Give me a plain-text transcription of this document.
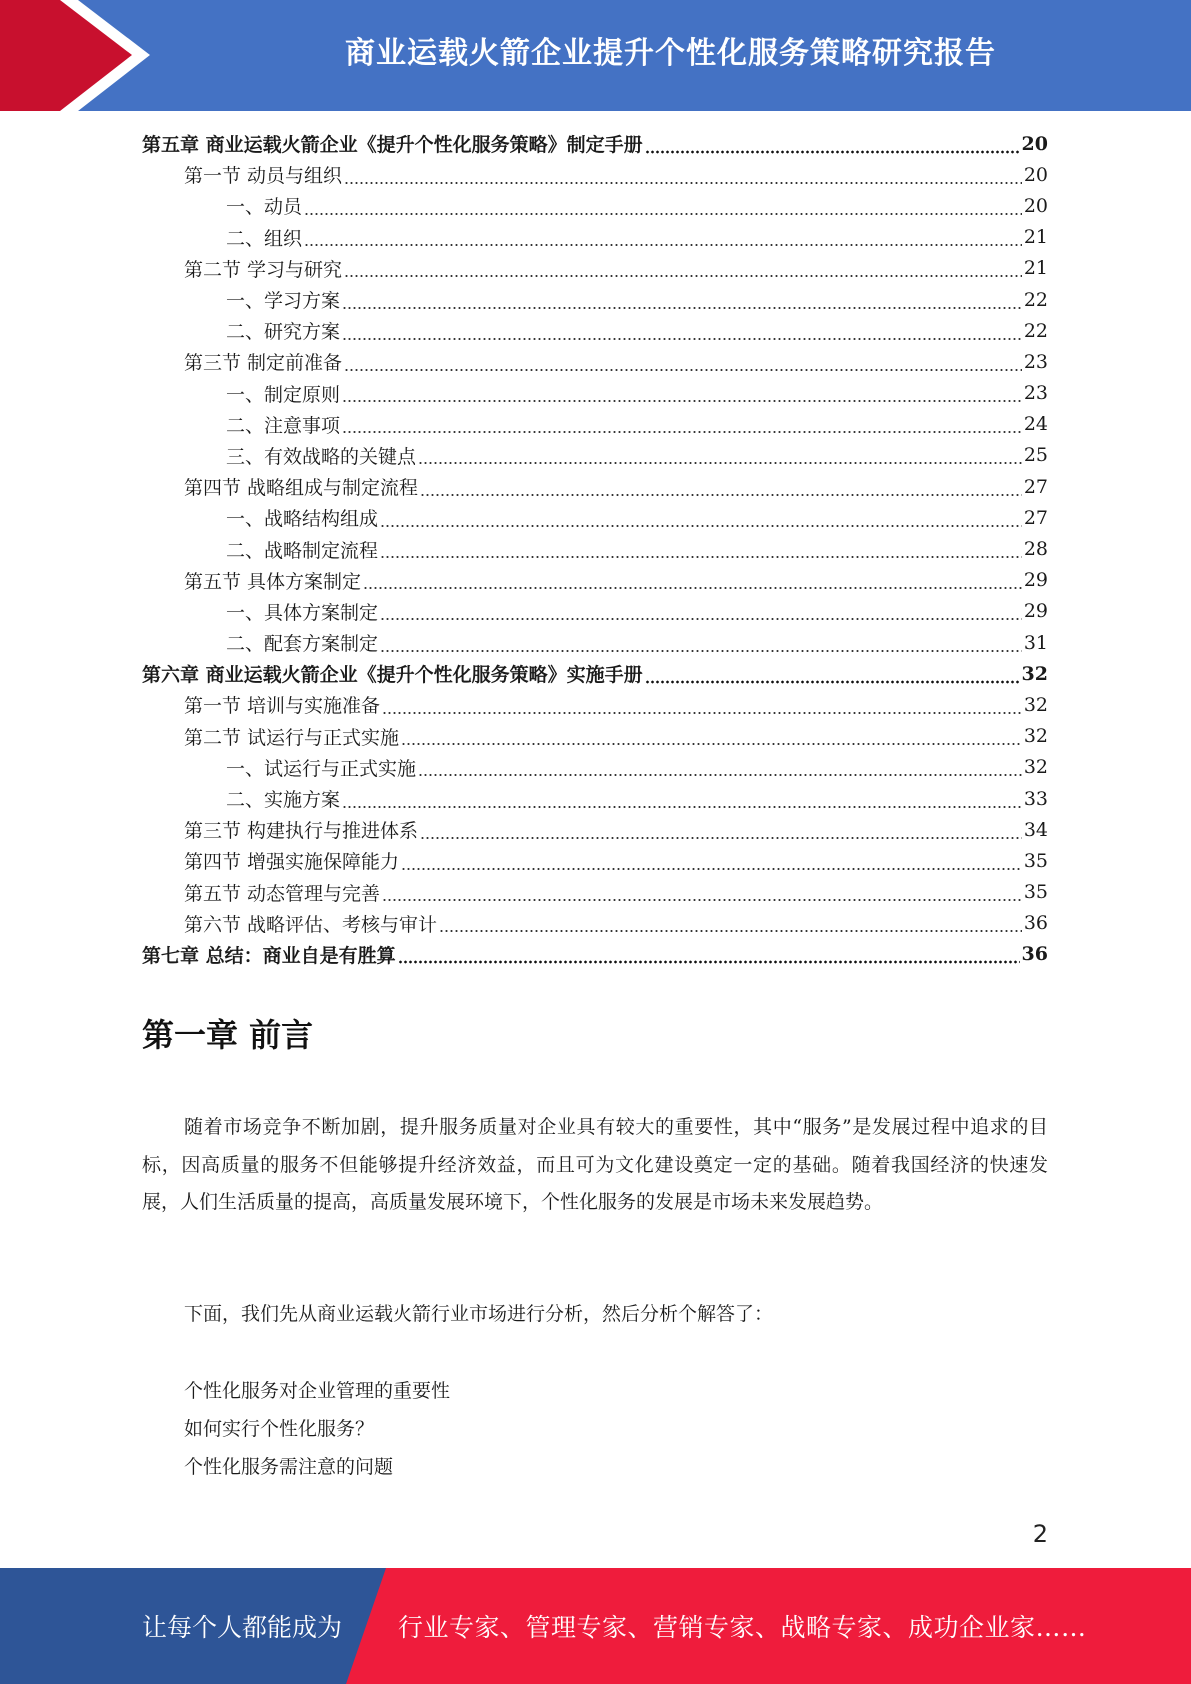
商业运载火箭企业提升个性化服务策略研究报告
第五章 商业运载火箭企业《提升个性化服务策略》制定手册	20
第一节 动员与组织	20
一、动员	20
二、组织	21
第二节 学习与研究	21
一、学习方案	22
二、研究方案	22
第三节 制定前准备	23
一、制定原则	23
二、注意事项	24
三、有效战略的关键点	25
第四节 战略组成与制定流程	27
一、战略结构组成	27
二、战略制定流程	28
第五节 具体方案制定	29
一、具体方案制定	29
二、配套方案制定	31
第六章 商业运载火箭企业《提升个性化服务策略》实施手册	32
第一节 培训与实施准备	32
第二节 试运行与正式实施	32
一、试运行与正式实施	32
二、实施方案	33
第三节 构建执行与推进体系	34
第四节 增强实施保障能力	35
第五节 动态管理与完善	35
第六节 战略评估、考核与审计	36
第七章 总结：商业自是有胜算	36
第一章 前言
随着市场竞争不断加剧，提升服务质量对企业具有较大的重要性，其中“服务”是发展过程中追求的目标，因高质量的服务不但能够提升经济效益，而且可为文化建设奠定一定的基础。随着我国经济的快速发展，人们生活质量的提高，高质量发展环境下，个性化服务的发展是市场未来发展趋势。
下面，我们先从商业运载火箭行业市场进行分析，然后分析个解答了：
个性化服务对企业管理的重要性
如何实行个性化服务？
个性化服务需注意的问题
2
让每个人都能成为 行业专家、管理专家、营销专家、战略专家、成功企业家……
